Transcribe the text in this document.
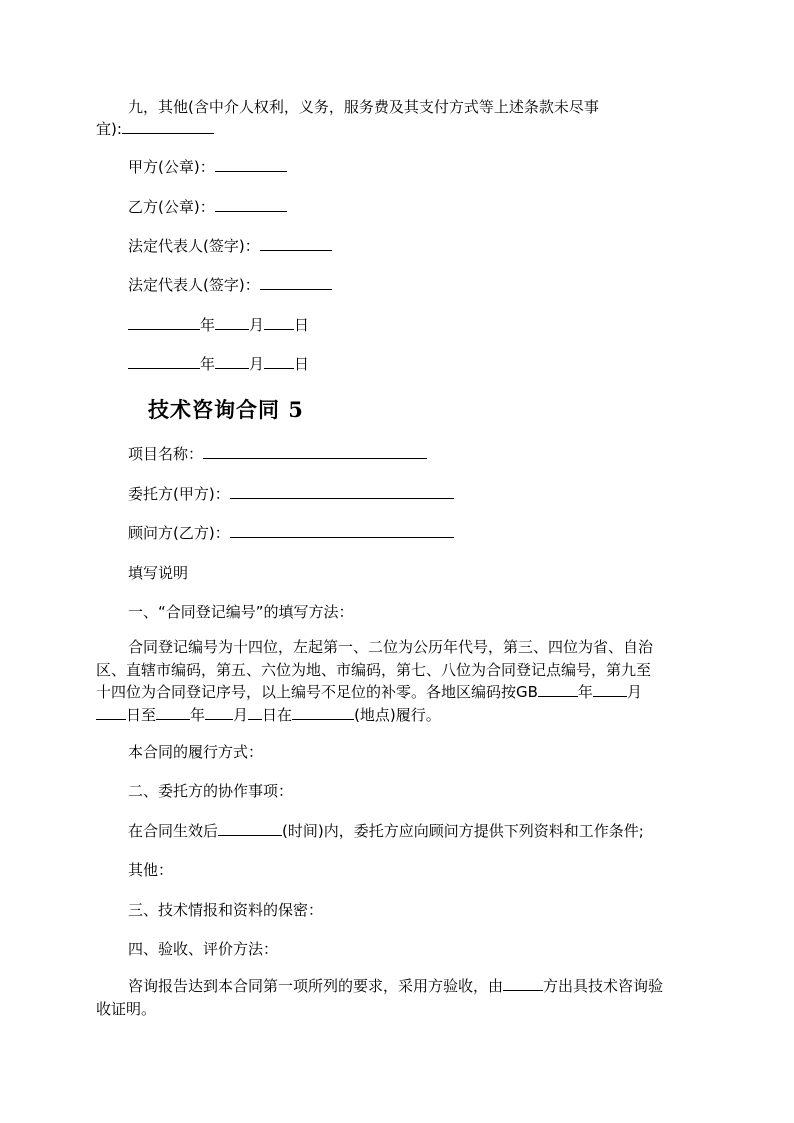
九，其他(含中介人权利，义务，服务费及其支付方式等上述条款未尽事

宜):

甲方(公章)：

乙方(公章)：

法定代表人(签字)：

法定代表人(签字)：

年 月 日

年 月 日

技术咨询合同 5

项目名称：

委托方(甲方)：

顾问方(乙方)：

填写说明

一、“合同登记编号”的填写方法：

合同登记编号为十四位，左起第一、二位为公历年代号，第三、四位为省、自治
区、直辖市编码，第五、六位为地、市编码，第七、八位为合同登记点编号，第九至
十四位为合同登记序号，以上编号不足位的补零。各地区编码按GB	年 月
日至 年 月 日在	(地点)履行。

本合同的履行方式：

二、委托方的协作事项：

在合同生效后	(时间)内，委托方应向顾问方提供下列资料和工作条件;

其他：

三、技术情报和资料的保密：

四、验收、评价方法：

咨询报告达到本合同第一项所列的要求，采用方验收，由	方出具技术咨询验
收证明。
